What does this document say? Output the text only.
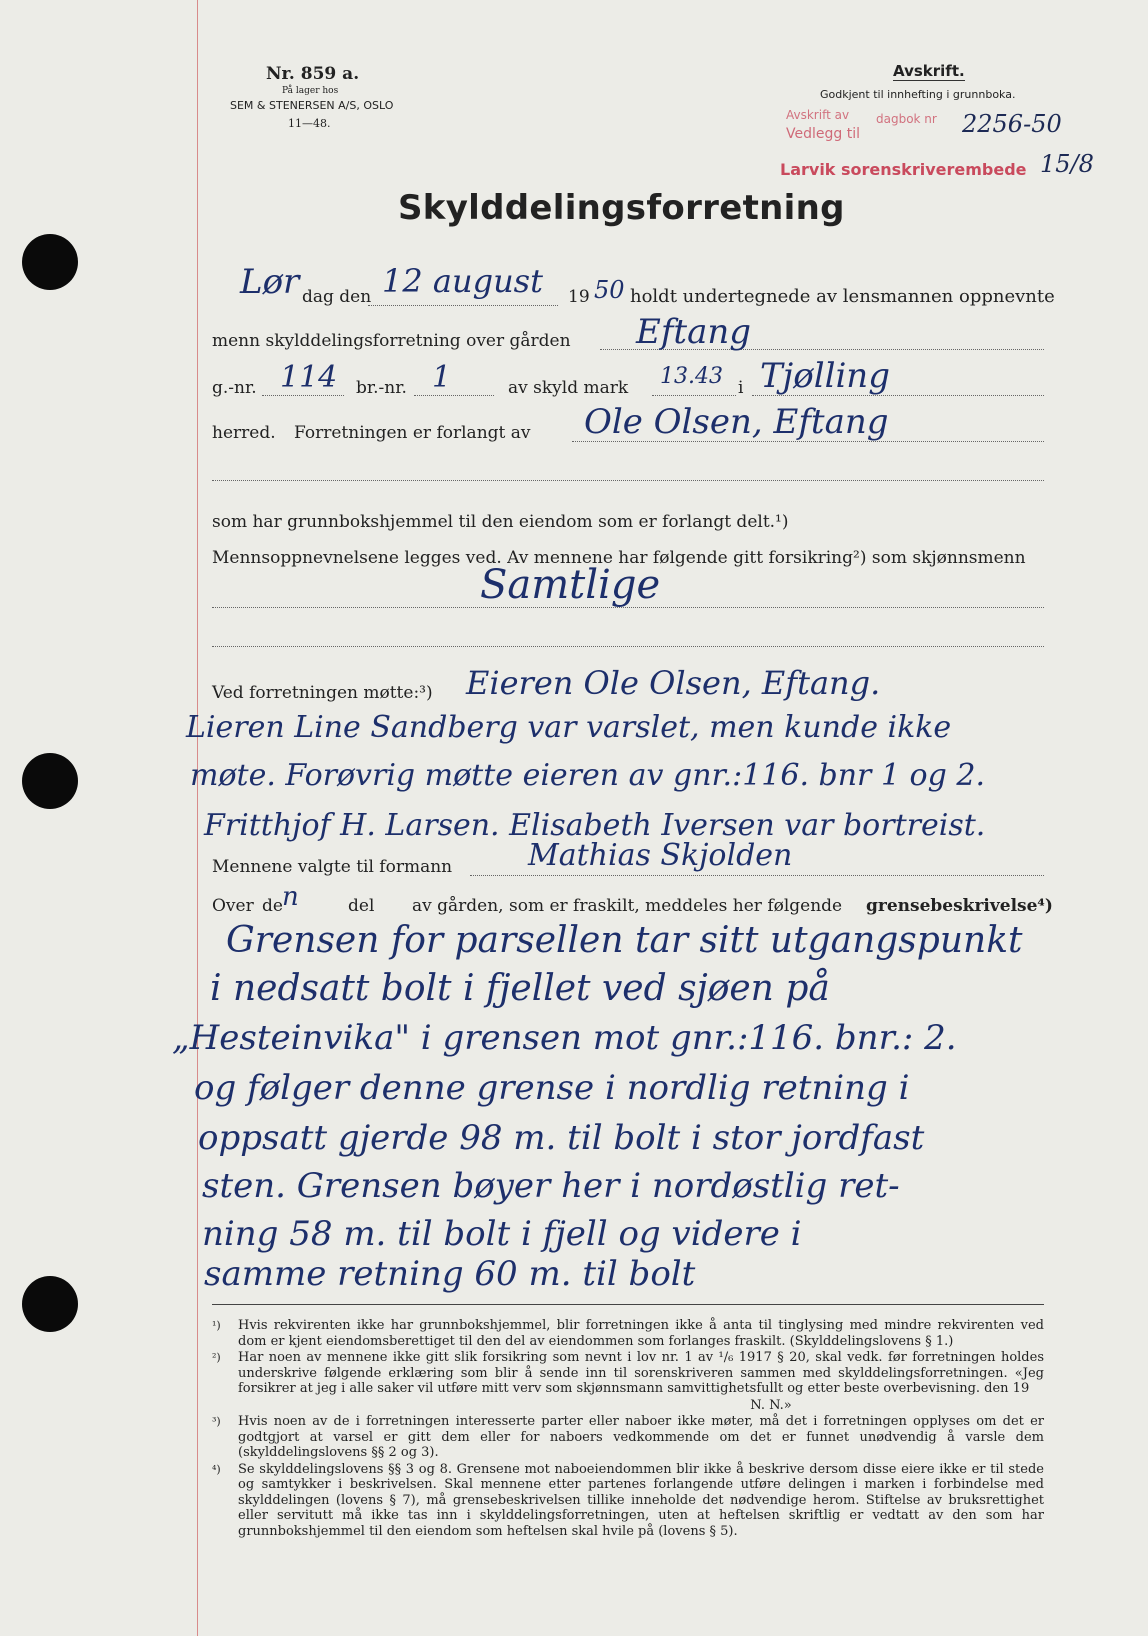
Nr. 859 a.
På lager hos
SEM & STENERSEN A/S, OSLO
11—48.
Avskrift.
Godkjent til innhefting i grunnboka.
Avskrift av dagbok nr
Vedlegg til	2256-50
Larvik sorenskriverembede 15/8
Skylddelingsforretning
Lør dag den 12 august 19 50 holdt undertegnede av lensmannen oppnevnte
menn skylddelingsforretning over gården Eftang
g.-nr. 114 br.-nr. 1	av skyld mark 13.43 i Tjølling
herred. Forretningen er forlangt av Ole Olsen, Eftang
som har grunnbokshjemmel til den eiendom som er forlangt delt.¹)
Mennsoppnevnelsene legges ved. Av mennene har følgende gitt forsikring²) som skjønnsmenn
Samtlige
Ved forretningen møtte:³) Eieren Ole Olsen, Eftang.
Lieren Line Sandberg var varslet, men kunde ikke
møte. Forøvrig møtte eieren av gnr.:116. bnr 1 og 2.
Fritthjof H. Larsen. Elisabeth Iversen var bortreist.
Mennene valgte til formann	Mathias Skjolden
Over de n	del av gården, som er fraskilt, meddeles her følgende grensebeskrivelse⁴)
Grensen for parsellen tar sitt utgangspunkt
i nedsatt bolt i fjellet ved sjøen på
„Hesteinvika" i grensen mot gnr.:116. bnr.: 2.
og følger denne grense i nordlig retning i
oppsatt gjerde 98 m. til bolt i stor jordfast
sten. Grensen bøyer her i nordøstlig ret-
ning 58 m. til bolt i fjell og videre i
samme retning 60 m. til bolt
¹)	Hvis rekvirenten ikke har grunnbokshjemmel, blir forretningen ikke å anta til tinglysing med mindre rekvirenten ved dom er kjent eiendomsberettiget til den del av eiendommen som forlanges fraskilt. (Skylddelingslovens § 1.)
²)	Har noen av mennene ikke gitt slik forsikring som nevnt i lov nr. 1 av ¹/₆ 1917 § 20, skal vedk. før forretningen holdes underskrive følgende erklæring som blir å sende inn til sorenskriveren sammen med skylddelingsforretningen. «Jeg forsikrer at jeg i alle saker vil utføre mitt verv som skjønnsmann samvittighetsfullt og etter beste overbevisning. den 19
N. N.»
³)	Hvis noen av de i forretningen interesserte parter eller naboer ikke møter, må det i forretningen opplyses om det er godtgjort at varsel er gitt dem eller for naboers vedkommende om det er funnet unødvendig å varsle dem (skylddelingslovens §§ 2 og 3).
⁴)	Se skylddelingslovens §§ 3 og 8. Grensene mot naboeiendommen blir ikke å beskrive dersom disse eiere ikke er til stede og samtykker i beskrivelsen. Skal mennene etter partenes forlangende utføre delingen i marken i forbindelse med skylddelingen (lovens § 7), må grensebeskrivelsen tillike inneholde det nødvendige herom. Stiftelse av bruksrettighet eller servitutt må ikke tas inn i skylddelingsforretningen, uten at heftelsen skriftlig er vedtatt av den som har grunnbokshjemmel til den eiendom som heftelsen skal hvile på (lovens § 5).
